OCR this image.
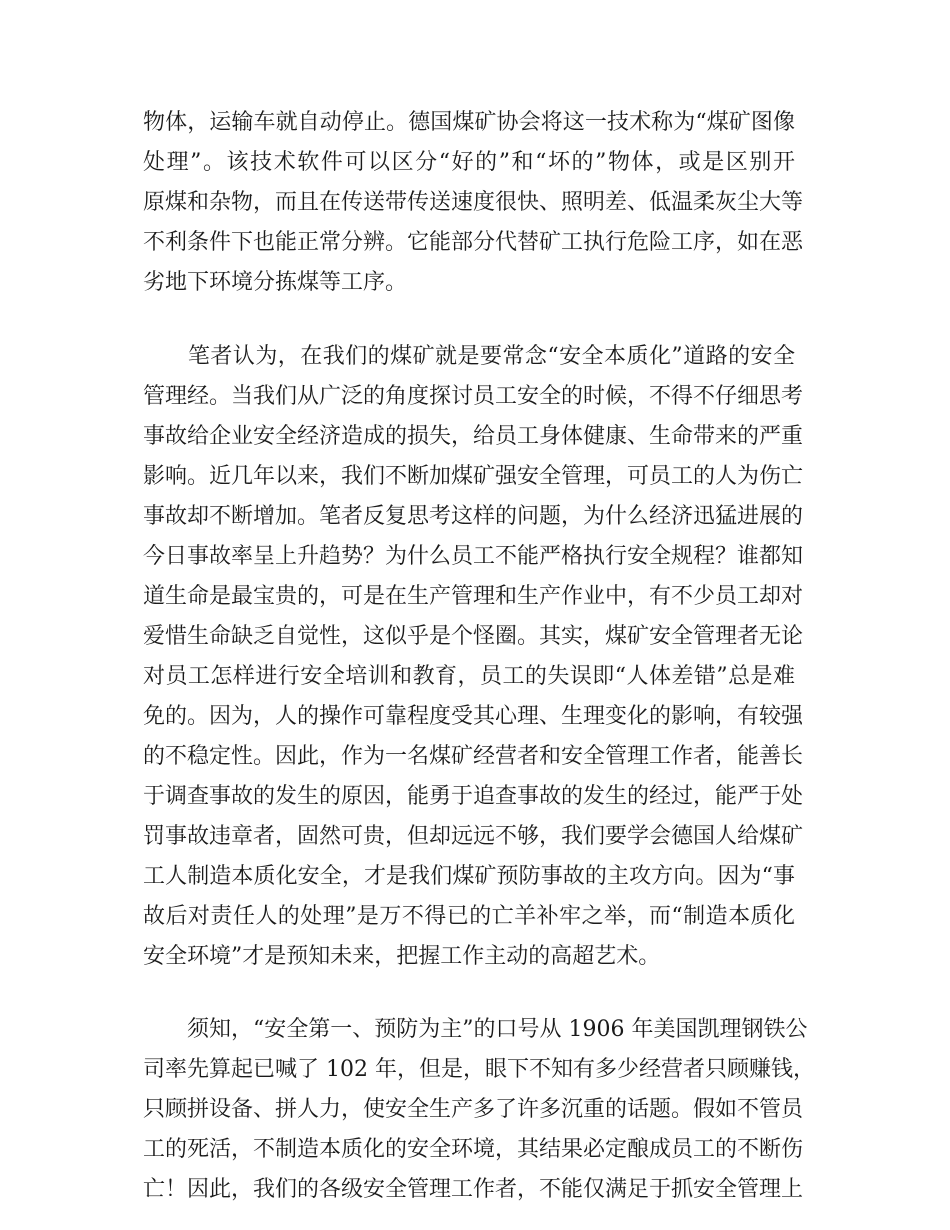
物体，运输车就自动停止。德国煤矿协会将这一技术称为“煤矿图像
处理”。该技术软件可以区分“好的”和“坏的”物体，或是区别开
原煤和杂物，而且在传送带传送速度很快、照明差、低温柔灰尘大等
不利条件下也能正常分辨。它能部分代替矿工执行危险工序，如在恶
劣地下环境分拣煤等工序。
　　笔者认为，在我们的煤矿就是要常念“安全本质化”道路的安全
管理经。当我们从广泛的角度探讨员工安全的时候，不得不仔细思考
事故给企业安全经济造成的损失，给员工身体健康、生命带来的严重
影响。近几年以来，我们不断加煤矿强安全管理，可员工的人为伤亡
事故却不断增加。笔者反复思考这样的问题，为什么经济迅猛进展的
今日事故率呈上升趋势？为什么员工不能严格执行安全规程？谁都知
道生命是最宝贵的，可是在生产管理和生产作业中，有不少员工却对
爱惜生命缺乏自觉性，这似乎是个怪圈。其实，煤矿安全管理者无论
对员工怎样进行安全培训和教育，员工的失误即“人体差错”总是难
免的。因为，人的操作可靠程度受其心理、生理变化的影响，有较强
的不稳定性。因此，作为一名煤矿经营者和安全管理工作者，能善长
于调查事故的发生的原因，能勇于追查事故的发生的经过，能严于处
罚事故违章者，固然可贵，但却远远不够，我们要学会德国人给煤矿
工人制造本质化安全，才是我们煤矿预防事故的主攻方向。因为“事
故后对责任人的处理”是万不得已的亡羊补牢之举，而“制造本质化
安全环境”才是预知未来，把握工作主动的高超艺术。
　　须知，“安全第一、预防为主”的口号从 1906 年美国凯理钢铁公
司率先算起已喊了 102 年，但是，眼下不知有多少经营者只顾赚钱，
只顾拼设备、拼人力，使安全生产多了许多沉重的话题。假如不管员
工的死活，不制造本质化的安全环境，其结果必定酿成员工的不断伤
亡！因此，我们的各级安全管理工作者，不能仅满足于抓安全管理上
